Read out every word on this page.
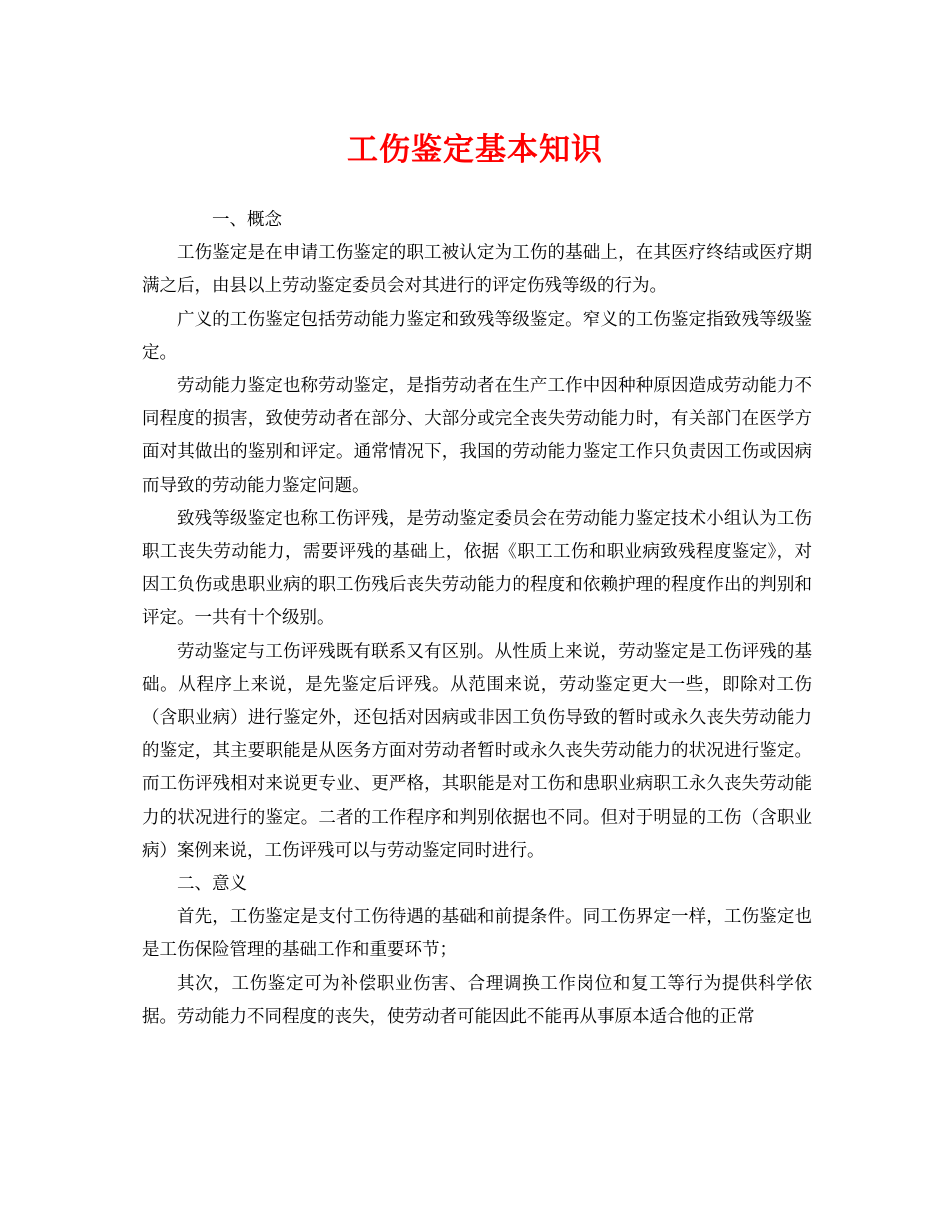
工伤鉴定基本知识

一、概念

工伤鉴定是在申请工伤鉴定的职工被认定为工伤的基础上，在其医疗终结或医疗期满之后，由县以上劳动鉴定委员会对其进行的评定伤残等级的行为。

广义的工伤鉴定包括劳动能力鉴定和致残等级鉴定。窄义的工伤鉴定指致残等级鉴定。

劳动能力鉴定也称劳动鉴定，是指劳动者在生产工作中因种种原因造成劳动能力不同程度的损害，致使劳动者在部分、大部分或完全丧失劳动能力时，有关部门在医学方面对其做出的鉴别和评定。通常情况下，我国的劳动能力鉴定工作只负责因工伤或因病而导致的劳动能力鉴定问题。

致残等级鉴定也称工伤评残，是劳动鉴定委员会在劳动能力鉴定技术小组认为工伤职工丧失劳动能力，需要评残的基础上，依据《职工工伤和职业病致残程度鉴定》，对因工负伤或患职业病的职工伤残后丧失劳动能力的程度和依赖护理的程度作出的判别和评定。一共有十个级别。

劳动鉴定与工伤评残既有联系又有区别。从性质上来说，劳动鉴定是工伤评残的基础。从程序上来说，是先鉴定后评残。从范围来说，劳动鉴定更大一些，即除对工伤（含职业病）进行鉴定外，还包括对因病或非因工负伤导致的暂时或永久丧失劳动能力的鉴定，其主要职能是从医务方面对劳动者暂时或永久丧失劳动能力的状况进行鉴定。而工伤评残相对来说更专业、更严格，其职能是对工伤和患职业病职工永久丧失劳动能力的状况进行的鉴定。二者的工作程序和判别依据也不同。但对于明显的工伤（含职业病）案例来说，工伤评残可以与劳动鉴定同时进行。

二、意义

首先，工伤鉴定是支付工伤待遇的基础和前提条件。同工伤界定一样，工伤鉴定也是工伤保险管理的基础工作和重要环节；

其次，工伤鉴定可为补偿职业伤害、合理调换工作岗位和复工等行为提供科学依据。劳动能力不同程度的丧失，使劳动者可能因此不能再从事原本适合他的正常
